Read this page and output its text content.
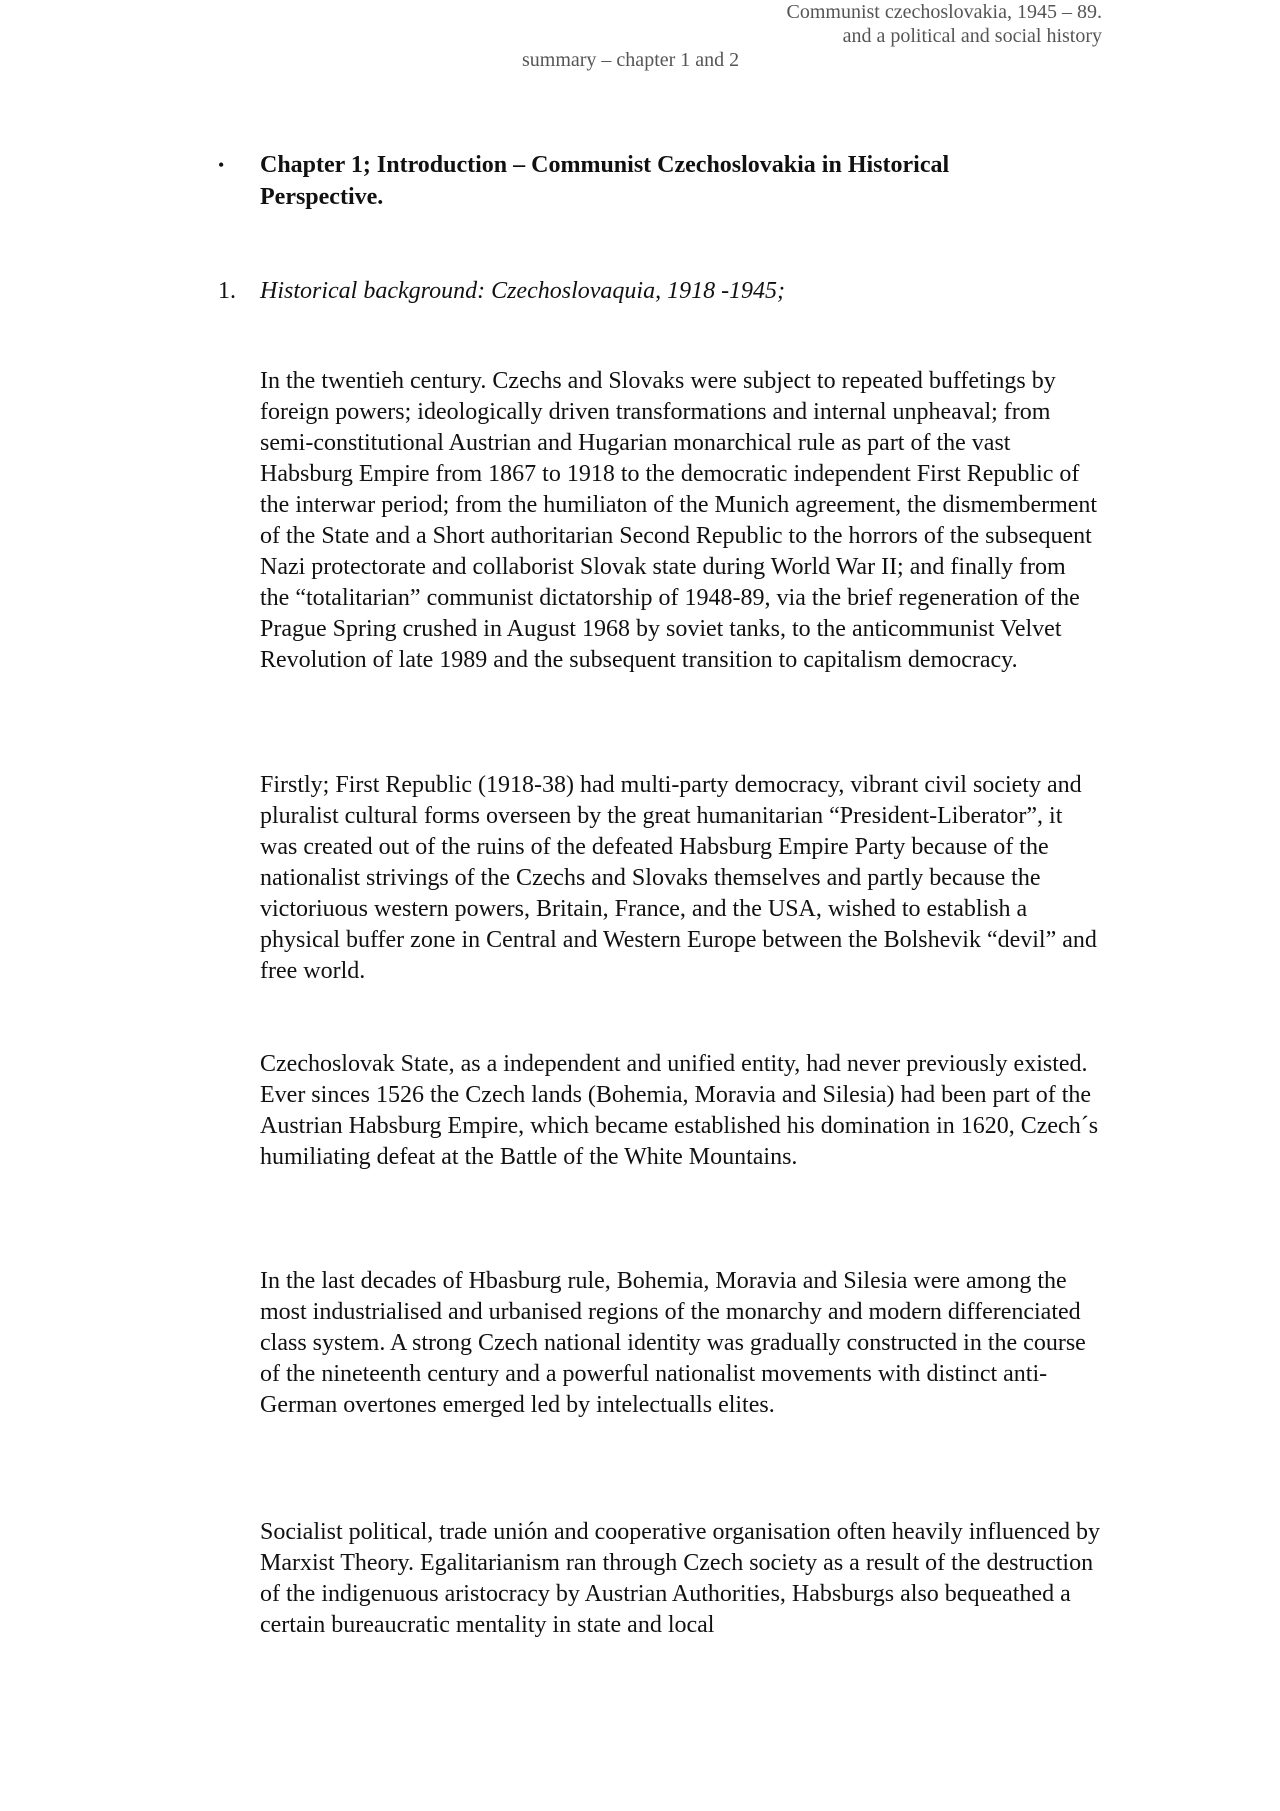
Communist czechoslovakia, 1945 – 89.
and a political and social history
summary – chapter 1 and 2
• Chapter 1; Introduction – Communist Czechoslovakia in Historical Perspective.
1. Historical background: Czechoslovaquia, 1918 -1945;

In the twentieh century. Czechs and Slovaks were subject to repeated buffetings by foreign powers; ideologically driven transformations and internal unpheaval; from semi-constitutional Austrian and Hugarian monarchical rule as part of the vast Habsburg Empire from 1867 to 1918 to the democratic independent First Republic of the interwar period; from the humiliaton of the Munich agreement, the dismemberment of the State and a Short authoritarian Second Republic to the horrors of the subsequent Nazi protectorate and collaborist Slovak state during World War II; and finally from the “totalitarian” communist dictatorship of 1948-89, via the brief regeneration of the Prague Spring crushed in August 1968 by soviet tanks, to the anticommunist Velvet Revolution of late 1989 and the subsequent transition to capitalism democracy.

Firstly; First Republic (1918-38) had multi-party democracy, vibrant civil society and pluralist cultural forms overseen by the great humanitarian “President-Liberator”, it was created out of the ruins of the defeated Habsburg Empire Party because of the nationalist strivings of the Czechs and Slovaks themselves and partly because the victoriuous western powers, Britain, France, and the USA, wished to establish a physical buffer zone in Central and Western Europe between the Bolshevik “devil” and free world.

Czechoslovak State, as a independent and unified entity, had never previously existed. Ever sinces 1526 the Czech lands (Bohemia, Moravia and Silesia) had been part of the Austrian Habsburg Empire, which became established his domination in 1620, Czech´s humiliating defeat at the Battle of the White Mountains.

In the last decades of Hbasburg rule, Bohemia, Moravia and Silesia were among the most industrialised and urbanised regions of the monarchy and modern differenciated class system. A strong Czech national identity was gradually constructed in the course of the nineteenth century and a powerful nationalist movements with distinct anti-German overtones emerged led by intelectualls elites.

Socialist political, trade unión and cooperative organisation often heavily influenced by Marxist Theory. Egalitarianism ran through Czech society as a result of the destruction of the indigenuous aristocracy by Austrian Authorities, Habsburgs also bequeathed a certain bureaucratic mentality in state and local
